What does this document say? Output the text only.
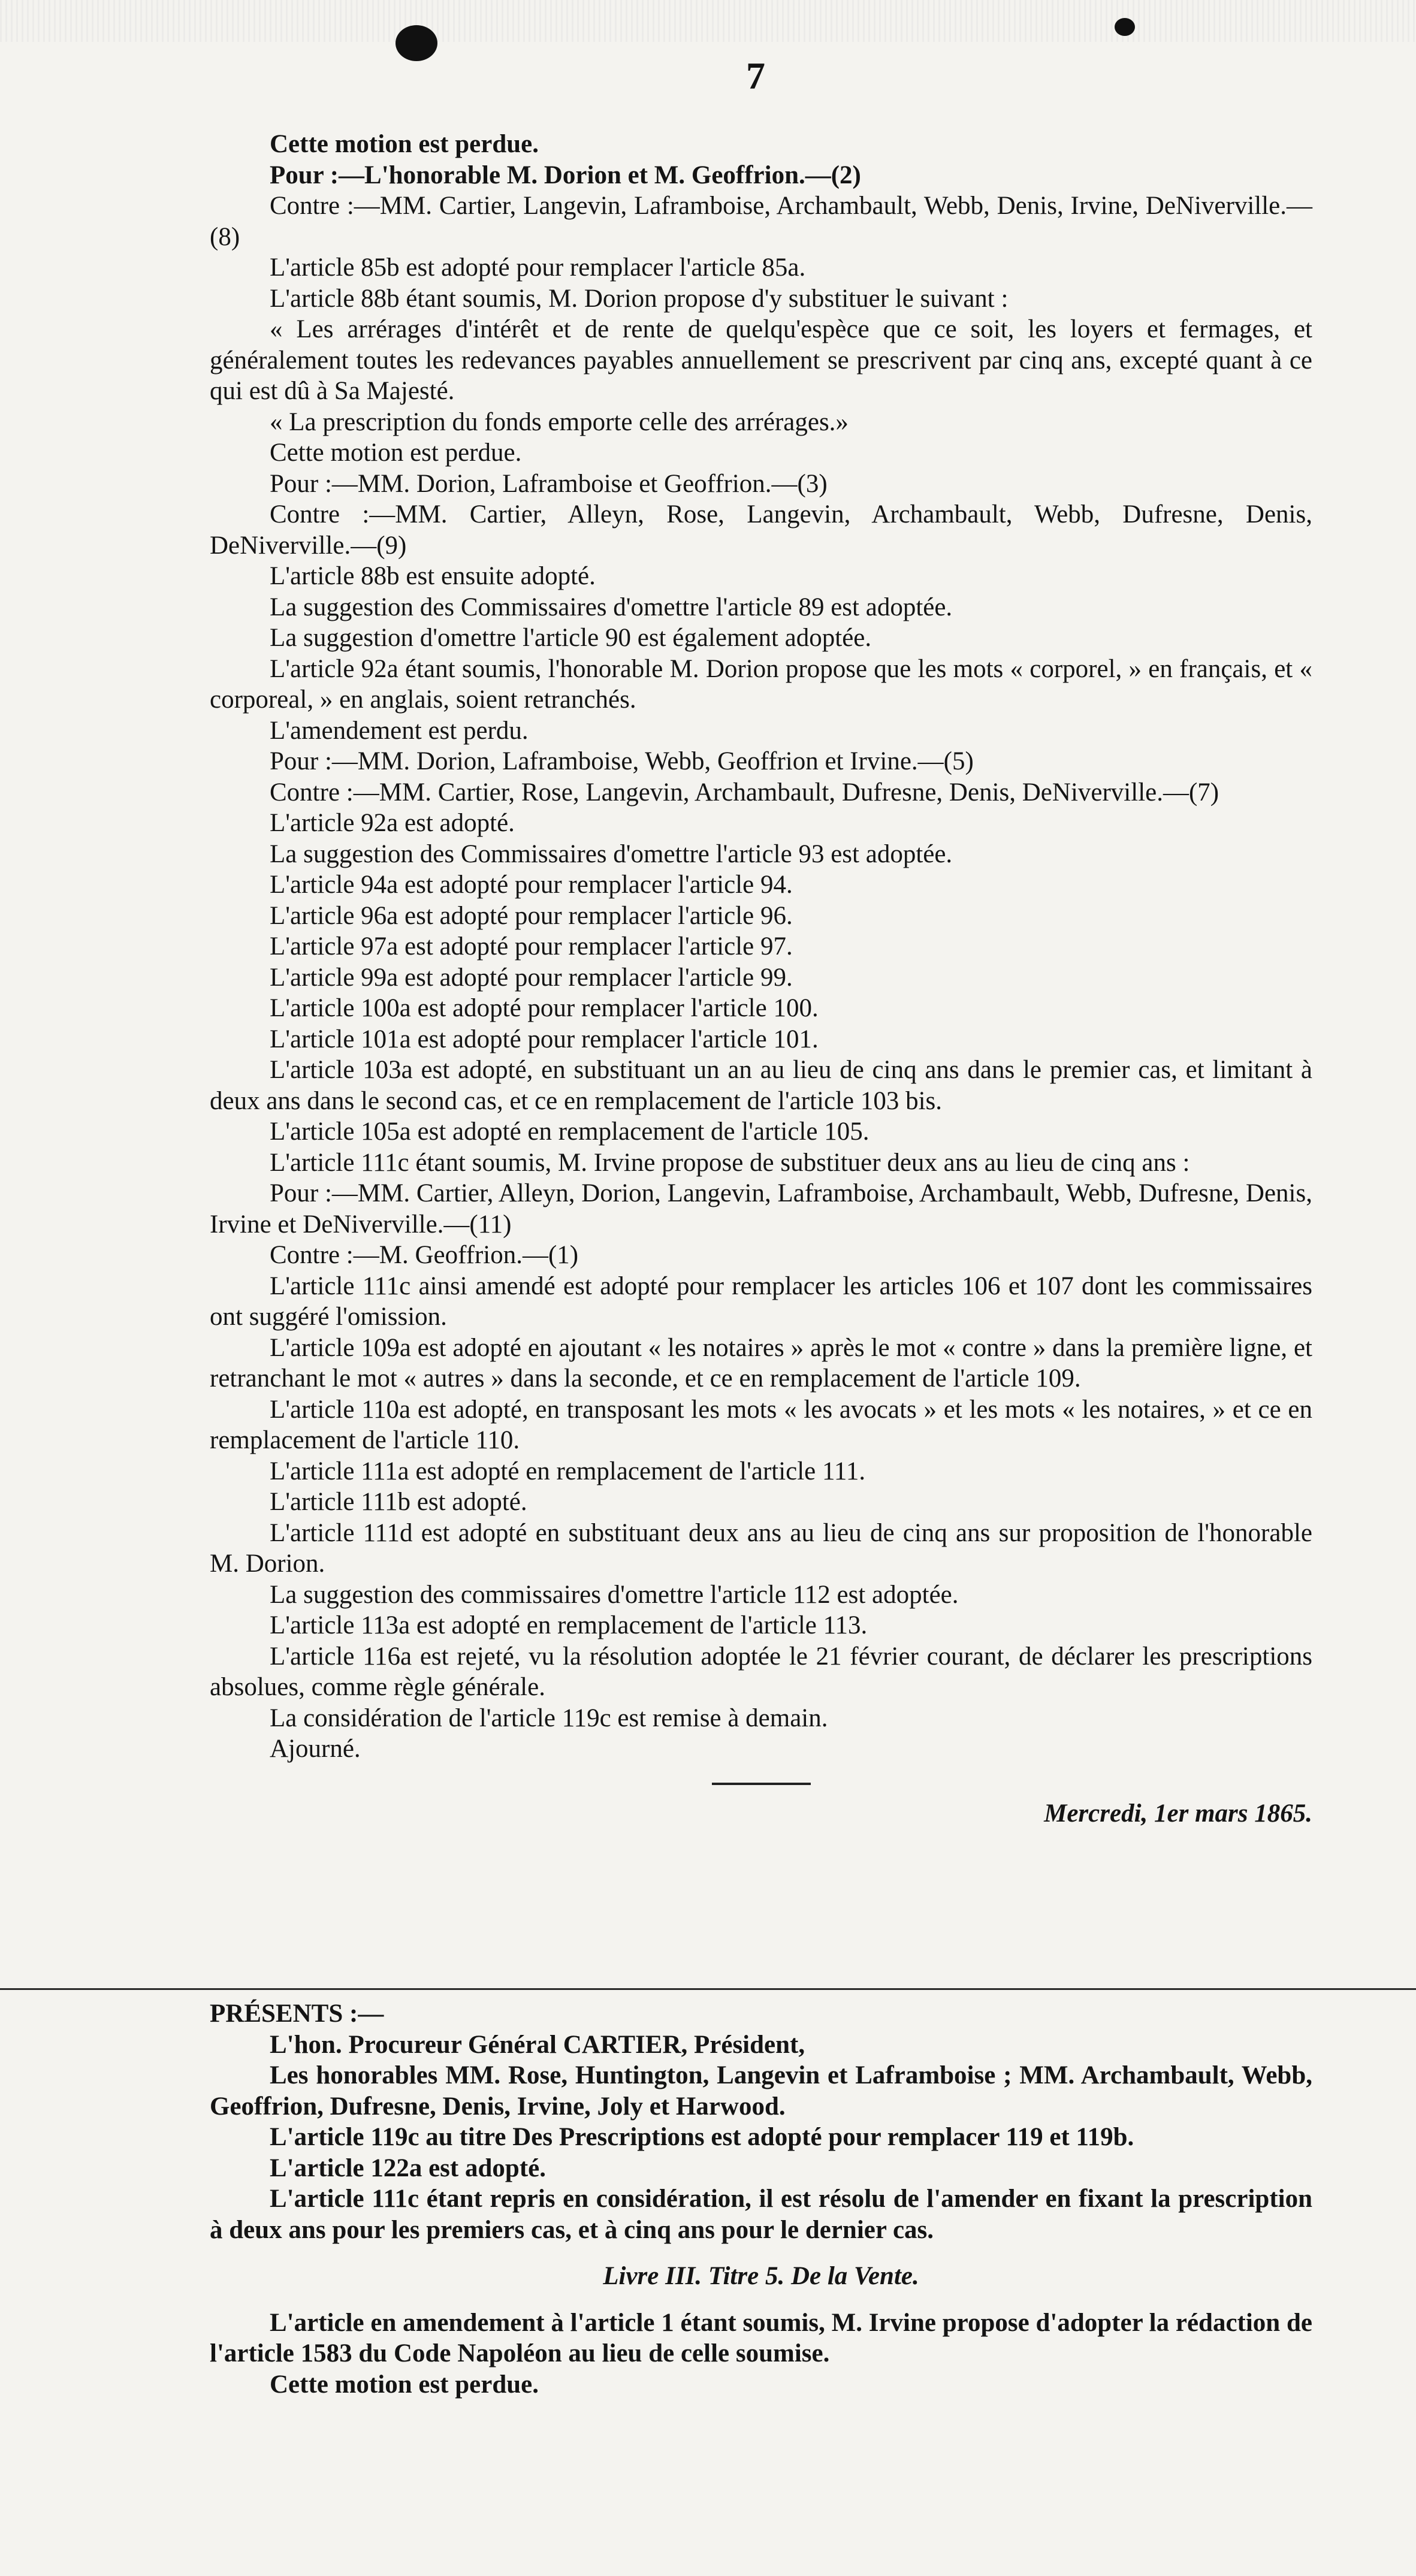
7

Cette motion est perdue.

Pour :—L'honorable M. Dorion et M. Geoffrion.—(2)

Contre :—MM. Cartier, Langevin, Laframboise, Archambault, Webb, Denis, Irvine, DeNiverville.—(8)

L'article 85b est adopté pour remplacer l'article 85a.

L'article 88b étant soumis, M. Dorion propose d'y substituer le suivant :

« Les arrérages d'intérêt et de rente de quelqu'espèce que ce soit, les loyers et fermages, et généralement toutes les redevances payables annuellement se prescrivent par cinq ans, excepté quant à ce qui est dû à Sa Majesté.

« La prescription du fonds emporte celle des arrérages.»

Cette motion est perdue.

Pour :—MM. Dorion, Laframboise et Geoffrion.—(3)

Contre :—MM. Cartier, Alleyn, Rose, Langevin, Archambault, Webb, Dufresne, Denis, DeNiverville.—(9)

L'article 88b est ensuite adopté.

La suggestion des Commissaires d'omettre l'article 89 est adoptée.

La suggestion d'omettre l'article 90 est également adoptée.

L'article 92a étant soumis, l'honorable M. Dorion propose que les mots « corporel, » en français, et « corporeal, » en anglais, soient retranchés.

L'amendement est perdu.

Pour :—MM. Dorion, Laframboise, Webb, Geoffrion et Irvine.—(5)

Contre :—MM. Cartier, Rose, Langevin, Archambault, Dufresne, Denis, DeNiverville.—(7)

L'article 92a est adopté.

La suggestion des Commissaires d'omettre l'article 93 est adoptée.

L'article 94a est adopté pour remplacer l'article 94.

L'article 96a est adopté pour remplacer l'article 96.

L'article 97a est adopté pour remplacer l'article 97.

L'article 99a est adopté pour remplacer l'article 99.

L'article 100a est adopté pour remplacer l'article 100.

L'article 101a est adopté pour remplacer l'article 101.

L'article 103a est adopté, en substituant un an au lieu de cinq ans dans le premier cas, et limitant à deux ans dans le second cas, et ce en remplacement de l'article 103 bis.

L'article 105a est adopté en remplacement de l'article 105.

L'article 111c étant soumis, M. Irvine propose de substituer deux ans au lieu de cinq ans :

Pour :—MM. Cartier, Alleyn, Dorion, Langevin, Laframboise, Archambault, Webb, Dufresne, Denis, Irvine et DeNiverville.—(11)

Contre :—M. Geoffrion.—(1)

L'article 111c ainsi amendé est adopté pour remplacer les articles 106 et 107 dont les commissaires ont suggéré l'omission.

L'article 109a est adopté en ajoutant « les notaires » après le mot « contre » dans la première ligne, et retranchant le mot « autres » dans la seconde, et ce en remplacement de l'article 109.

L'article 110a est adopté, en transposant les mots « les avocats » et les mots « les notaires, » et ce en remplacement de l'article 110.

L'article 111a est adopté en remplacement de l'article 111.

L'article 111b est adopté.

L'article 111d est adopté en substituant deux ans au lieu de cinq ans sur proposition de l'honorable M. Dorion.

La suggestion des commissaires d'omettre l'article 112 est adoptée.

L'article 113a est adopté en remplacement de l'article 113.

L'article 116a est rejeté, vu la résolution adoptée le 21 février courant, de déclarer les prescriptions absolues, comme règle générale.

La considération de l'article 119c est remise à demain.

Ajourné.

Mercredi, 1er mars 1865.

PRÉSENTS :—

L'hon. Procureur Général CARTIER, Président,

Les honorables MM. Rose, Huntington, Langevin et Laframboise ; MM. Archambault, Webb, Geoffrion, Dufresne, Denis, Irvine, Joly et Harwood.

L'article 119c au titre Des Prescriptions est adopté pour remplacer 119 et 119b.

L'article 122a est adopté.

L'article 111c étant repris en considération, il est résolu de l'amender en fixant la prescription à deux ans pour les premiers cas, et à cinq ans pour le dernier cas.

Livre III. Titre 5. De la Vente.

L'article en amendement à l'article 1 étant soumis, M. Irvine propose d'adopter la rédaction de l'article 1583 du Code Napoléon au lieu de celle soumise.

Cette motion est perdue.
